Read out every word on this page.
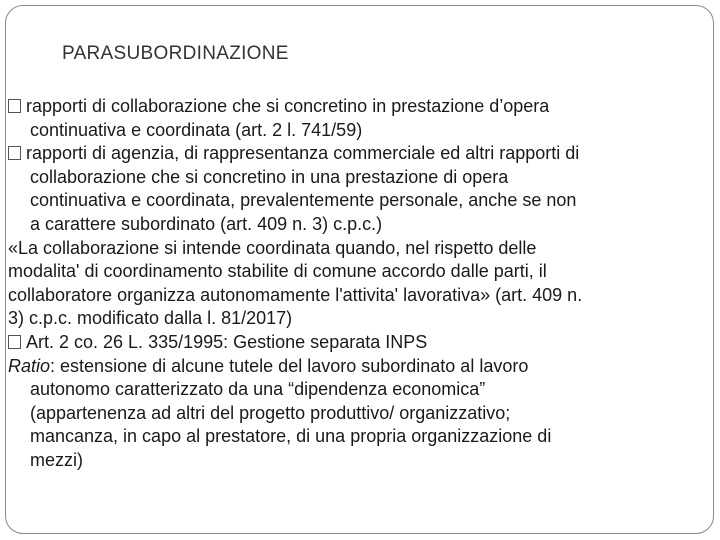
PARASUBORDINAZIONE

rapporti di collaborazione che si concretino in prestazione d’opera
continuativa e coordinata (art. 2 l. 741/59)

rapporti di agenzia, di rappresentanza commerciale ed altri rapporti di
collaborazione che si concretino in una prestazione di opera
continuativa e coordinata, prevalentemente personale, anche se non
a carattere subordinato (art. 409 n. 3) c.p.c.)

«La collaborazione si intende coordinata quando, nel rispetto delle
modalita' di coordinamento stabilite di comune accordo dalle parti, il
collaboratore organizza autonomamente l'attivita' lavorativa» (art. 409 n.
3) c.p.c. modificato dalla l. 81/2017)

Art. 2 co. 26 L. 335/1995: Gestione separata INPS

Ratio: estensione di alcune tutele del lavoro subordinato al lavoro
autonomo caratterizzato da una “dipendenza economica”
(appartenenza ad altri del progetto produttivo/ organizzativo;
mancanza, in capo al prestatore, di una propria organizzazione di
mezzi)
